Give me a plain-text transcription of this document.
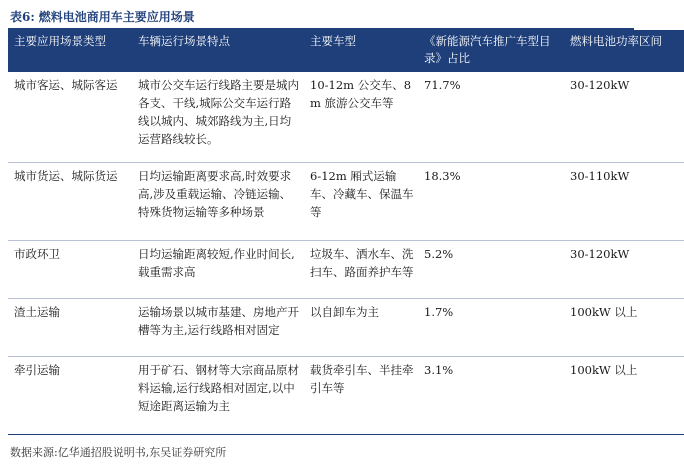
表6: 燃料电池商用车主要应用场景
主要应用场景类型	车辆运行场景特点	主要车型	《新能源汽车推广车型目录》占比	燃料电池功率区间
城市客运、城际客运	城市公交车运行线路主要是城内各支、干线,城际公交车运行路线以城内、城郊路线为主,日均运营路线较长。	10-12m 公交车、8m 旅游公交车等	71.7%	30-120kW
城市货运、城际货运	日均运输距离要求高,时效要求高,涉及重载运输、冷链运输、特殊货物运输等多种场景	6-12m 厢式运输车、冷藏车、保温车等	18.3%	30-110kW
市政环卫	日均运输距离较短,作业时间长,载重需求高	垃圾车、洒水车、洗扫车、路面养护车等	5.2%	30-120kW
渣土运输	运输场景以城市基建、房地产开槽等为主,运行线路相对固定	以自卸车为主	1.7%	100kW 以上
牵引运输	用于矿石、钢材等大宗商品原材料运输,运行线路相对固定,以中短途距离运输为主	载货牵引车、半挂牵引车等	3.1%	100kW 以上
数据来源:亿华通招股说明书,东吴证券研究所
